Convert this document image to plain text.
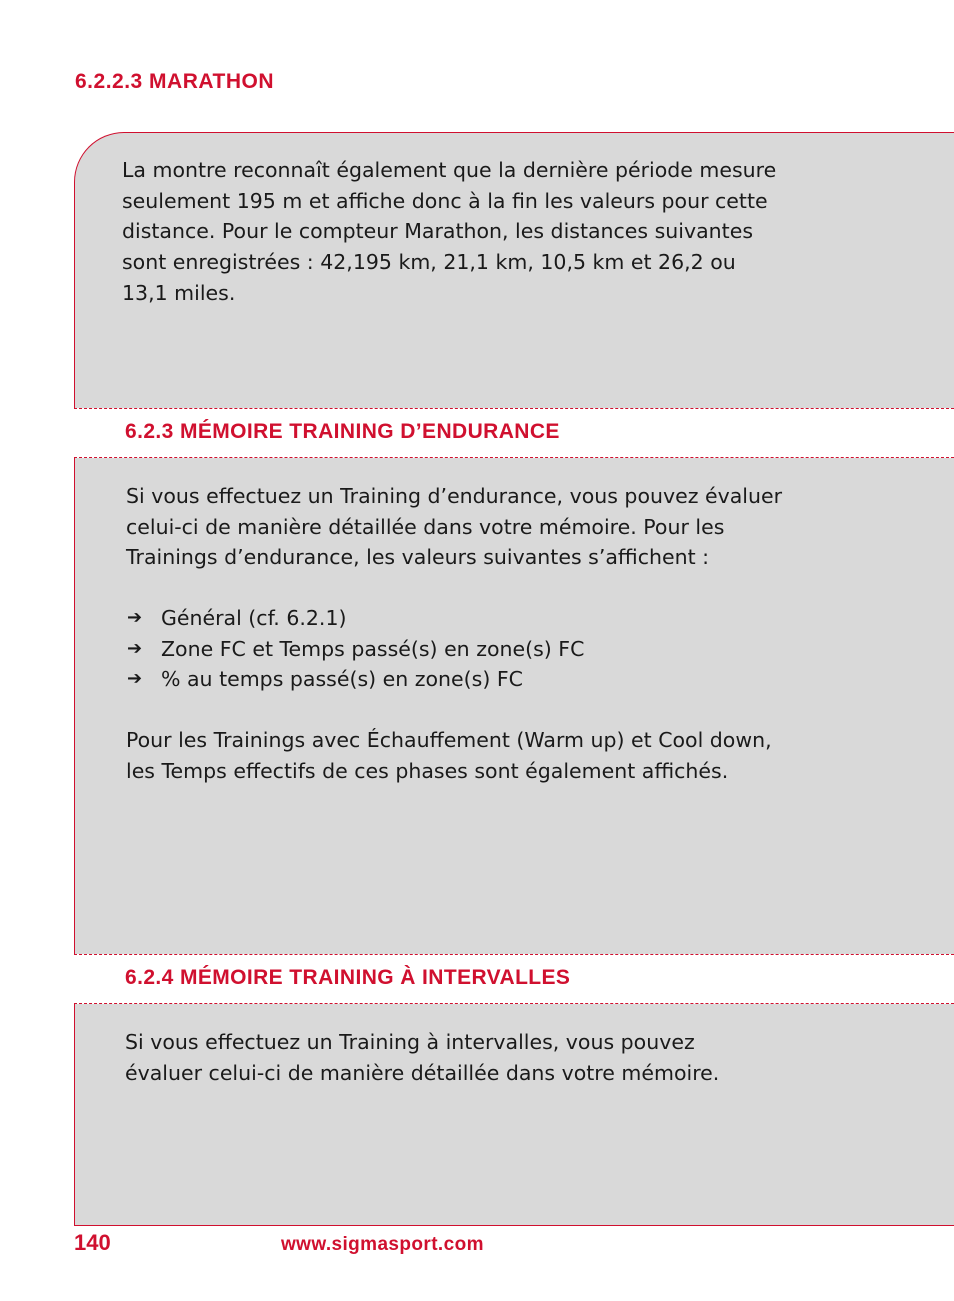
6.2.2.3 MARATHON

La montre reconnaît également que la dernière période mesure

seulement 195 m et affiche donc à la fin les valeurs pour cette

distance. Pour le compteur Marathon, les distances suivantes

sont enregistrées : 42,195 km, 21,1 km, 10,5 km et 26,2 ou

13,1 miles.

6.2.3 MÉMOIRE TRAINING D’ENDURANCE

Si vous effectuez un Training d’endurance, vous pouvez évaluer

celui-ci de manière détaillée dans votre mémoire. Pour les

Trainings d’endurance, les valeurs suivantes s’affichent :

➔ Général (cf. 6.2.1)
➔ Zone FC et Temps passé(s) en zone(s) FC
➔ % au temps passé(s) en zone(s) FC

Pour les Trainings avec Échauffement (Warm up) et Cool down,

les Temps effectifs de ces phases sont également affichés.

6.2.4 MÉMOIRE TRAINING À INTERVALLES

Si vous effectuez un Training à intervalles, vous pouvez

évaluer celui-ci de manière détaillée dans votre mémoire.

140	www.sigmasport.com
